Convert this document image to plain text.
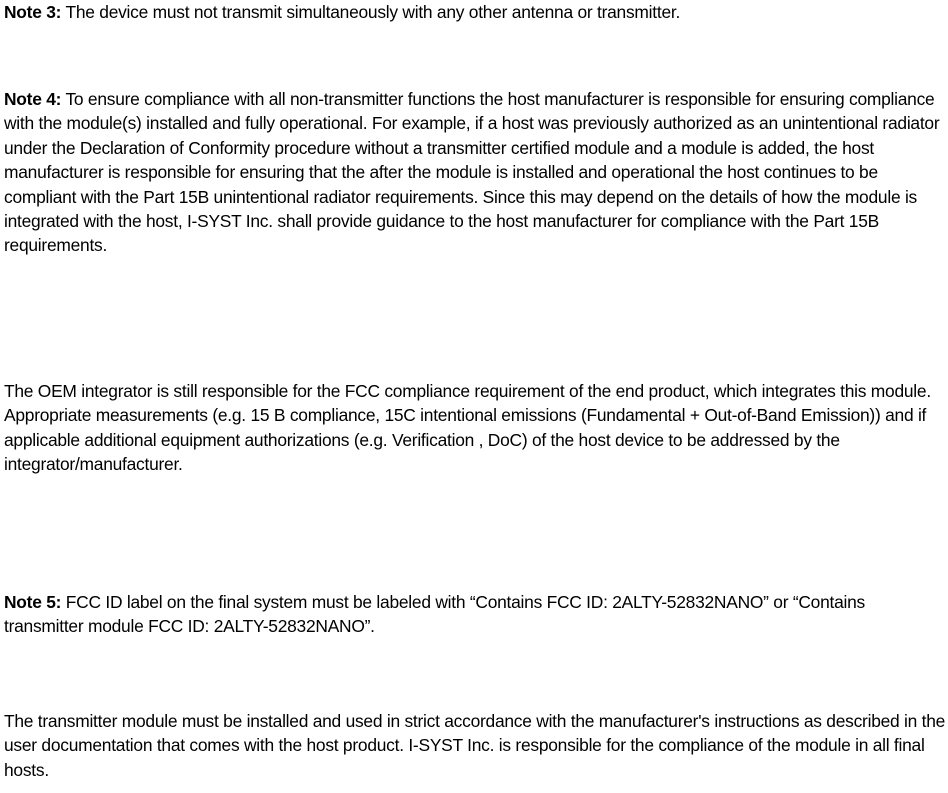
Note 3: The device must not transmit simultaneously with any other antenna or transmitter.

Note 4: To ensure compliance with all non-transmitter functions the host manufacturer is responsible for ensuring compliance with the module(s) installed and fully operational. For example, if a host was previously authorized as an unintentional radiator under the Declaration of Conformity procedure without a transmitter certified module and a module is added, the host manufacturer is responsible for ensuring that the after the module is installed and operational the host continues to be compliant with the Part 15B unintentional radiator requirements. Since this may depend on the details of how the module is integrated with the host, I-SYST Inc. shall provide guidance to the host manufacturer for compliance with the Part 15B requirements.

The OEM integrator is still responsible for the FCC compliance requirement of the end product, which integrates this module. Appropriate measurements (e.g. 15 B compliance, 15C intentional emissions (Fundamental + Out-of-Band Emission)) and if applicable additional equipment authorizations (e.g. Verification , DoC) of the host device to be addressed by the integrator/manufacturer.

Note 5: FCC ID label on the final system must be labeled with “Contains FCC ID: 2ALTY-52832NANO” or “Contains transmitter module FCC ID: 2ALTY-52832NANO”.

The transmitter module must be installed and used in strict accordance with the manufacturer's instructions as described in the user documentation that comes with the host product. I-SYST Inc. is responsible for the compliance of the module in all final hosts.
